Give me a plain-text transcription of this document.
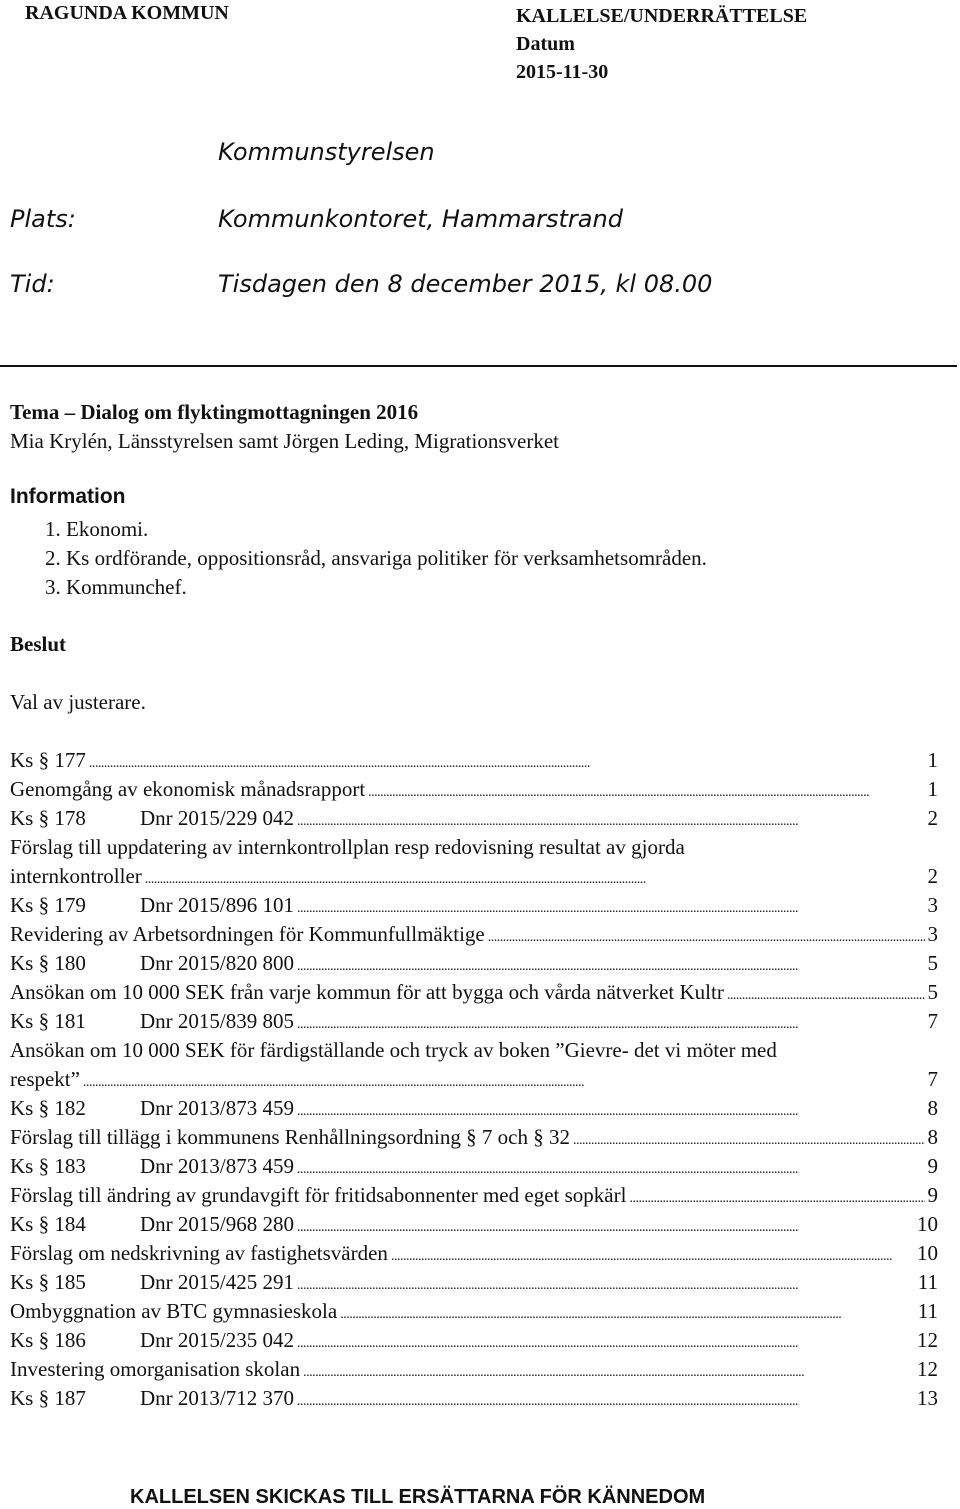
RAGUNDA KOMMUN	KALLELSE/UNDERRÄTTELSE
Datum
2015-11-30
Kommunstyrelsen
Plats:	Kommunkontoret, Hammarstrand
Tid:	Tisdagen den 8 december 2015, kl 08.00
Tema – Dialog om flyktingmottagningen 2016
Mia Krylén, Länsstyrelsen samt Jörgen Leding, Migrationsverket
Information
1. Ekonomi.
2. Ks ordförande, oppositionsråd, ansvariga politiker för verksamhetsområden.
3. Kommunchef.
Beslut
Val av justerare.
Ks § 177 . . .	1
Genomgång av ekonomisk månadsrapport . . .	1
Ks § 178	Dnr 2015/229 042 . . .	2
Förslag till uppdatering av internkontrollplan resp redovisning resultat av gjorda
internkontroller . . .	2
Ks § 179	Dnr 2015/896 101 . . .	3
Revidering av Arbetsordningen för Kommunfullmäktige . . .	3
Ks § 180	Dnr 2015/820 800 . . .	5
Ansökan om 10 000 SEK från varje kommun för att bygga och vårda nätverket Kultr . . .	5
Ks § 181	Dnr 2015/839 805 . . .	7
Ansökan om 10 000 SEK för färdigställande och tryck av boken ”Gievre- det vi möter med
respekt” . . .	7
Ks § 182	Dnr 2013/873 459 . . .	8
Förslag till tillägg i kommunens Renhållningsordning § 7 och § 32 . . .	8
Ks § 183	Dnr 2013/873 459 . . .	9
Förslag till ändring av grundavgift för fritidsabonnenter med eget sopkärl . . .	9
Ks § 184	Dnr 2015/968 280 . . .	10
Förslag om nedskrivning av fastighetsvärden . . .	10
Ks § 185	Dnr 2015/425 291 . . .	11
Ombyggnation av BTC gymnasieskola . . .	11
Ks § 186	Dnr 2015/235 042 . . .	12
Investering omorganisation skolan . . .	12
Ks § 187	Dnr 2013/712 370 . . .	13
KALLELSEN SKICKAS TILL ERSÄTTARNA FÖR KÄNNEDOM
